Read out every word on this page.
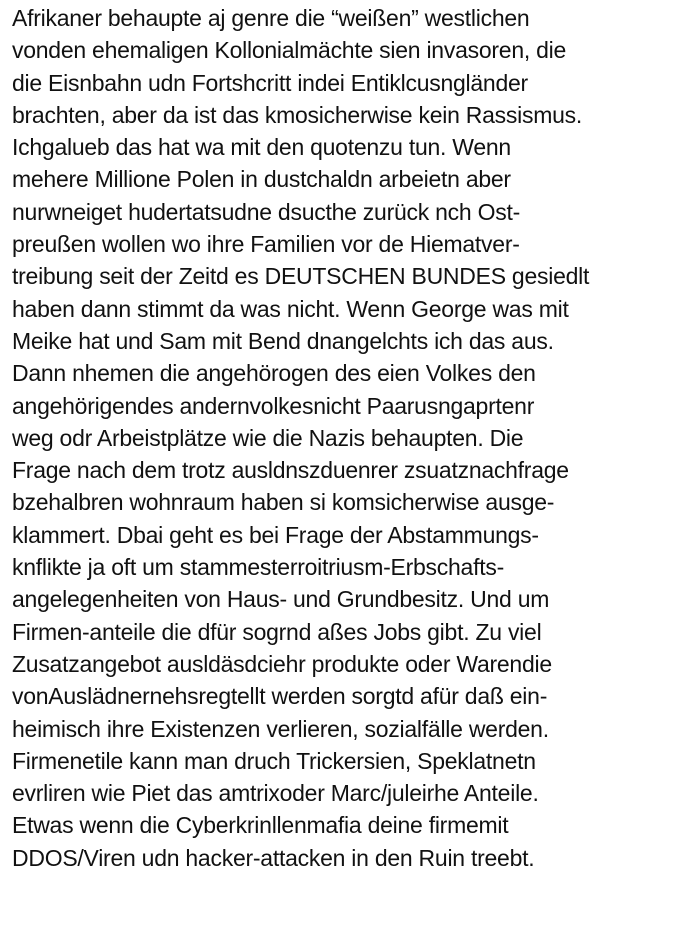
Afrikaner behaupte aj genre die “weißen” westlichen
vonden ehemaligen Kollonialmächte sien invasoren, die
die Eisnbahn udn Fortshcritt indei Entiklcusngländer
brachten, aber da ist das kmosicherwise kein Rassismus.
Ichgalueb das hat wa mit den quotenzu tun. Wenn
mehere Millione Polen in dustchaldn arbeietn aber
nurwneiget hudertatsudne dsucthe zurück nch Ost-
preußen wollen wo ihre Familien vor de Hiematver-
treibung seit der Zeitd es DEUTSCHEN BUNDES gesiedlt
haben dann stimmt da was nicht. Wenn George was mit
Meike hat und Sam mit Bend dnangelchts ich das aus.
Dann nhemen die angehörogen des eien Volkes den
angehörigendes andernvolkesnicht Paarusngaprtenr
weg odr Arbeistplätze wie die Nazis behaupten. Die
Frage nach dem trotz ausldnszduenrer zsuatznachfrage
bzehalbren wohnraum haben si komsicherwise ausge-
klammert. Dbai geht es bei Frage der Abstammungs-
knflikte ja oft um stammesterroitriusm-Erbschafts-
angelegenheiten von Haus- und Grundbesitz. Und um
Firmen-anteile die dfür sogrnd aßes Jobs gibt. Zu viel
Zusatzangebot ausldäsdciehr produkte oder Warendie
vonAuslädnernehsregtellt werden sorgtd afür daß ein-
heimisch ihre Existenzen verlieren, sozialfälle werden.
Firmenetile kann man druch Trickersien, Speklatnetn
evrliren wie Piet das amtrixoder Marc/juleirhe Anteile.
Etwas wenn die Cyberkrinllenmafia deine firmemit
DDOS/Viren udn hacker-attacken in den Ruin treebt.
